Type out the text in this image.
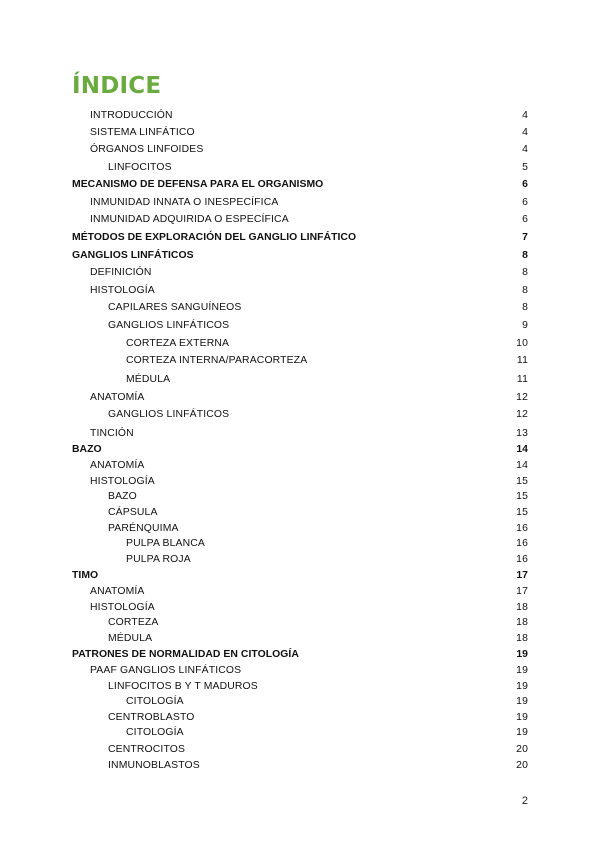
ÍNDICE
INTRODUCCIÓN	4
SISTEMA LINFÁTICO	4
ÓRGANOS LINFOIDES	4
LINFOCITOS	5
MECANISMO DE DEFENSA PARA EL ORGANISMO	6
INMUNIDAD INNATA O INESPECÍFICA	6
INMUNIDAD ADQUIRIDA O ESPECÍFICA	6
MÉTODOS DE EXPLORACIÓN DEL GANGLIO LINFÁTICO	7
GANGLIOS LINFÁTICOS	8
DEFINICIÓN	8
HISTOLOGÍA	8
CAPILARES SANGUÍNEOS	8
GANGLIOS LINFÁTICOS	9
CORTEZA EXTERNA	10
CORTEZA INTERNA/PARACORTEZA	11
MÉDULA	11
ANATOMÍA	12
GANGLIOS LINFÁTICOS	12
TINCIÓN	13
BAZO	14
ANATOMÍA	14
HISTOLOGÍA	15
BAZO	15
CÁPSULA	15
PARÉNQUIMA	16
PULPA BLANCA	16
PULPA ROJA	16
TIMO	17
ANATOMÍA	17
HISTOLOGÍA	18
CORTEZA	18
MÉDULA	18
PATRONES DE NORMALIDAD EN CITOLOGÍA	19
PAAF GANGLIOS LINFÁTICOS	19
LINFOCITOS B Y T MADUROS	19
CITOLOGÍA	19
CENTROBLASTO	19
CITOLOGÍA	19
CENTROCITOS	20
INMUNOBLASTOS	20
2
